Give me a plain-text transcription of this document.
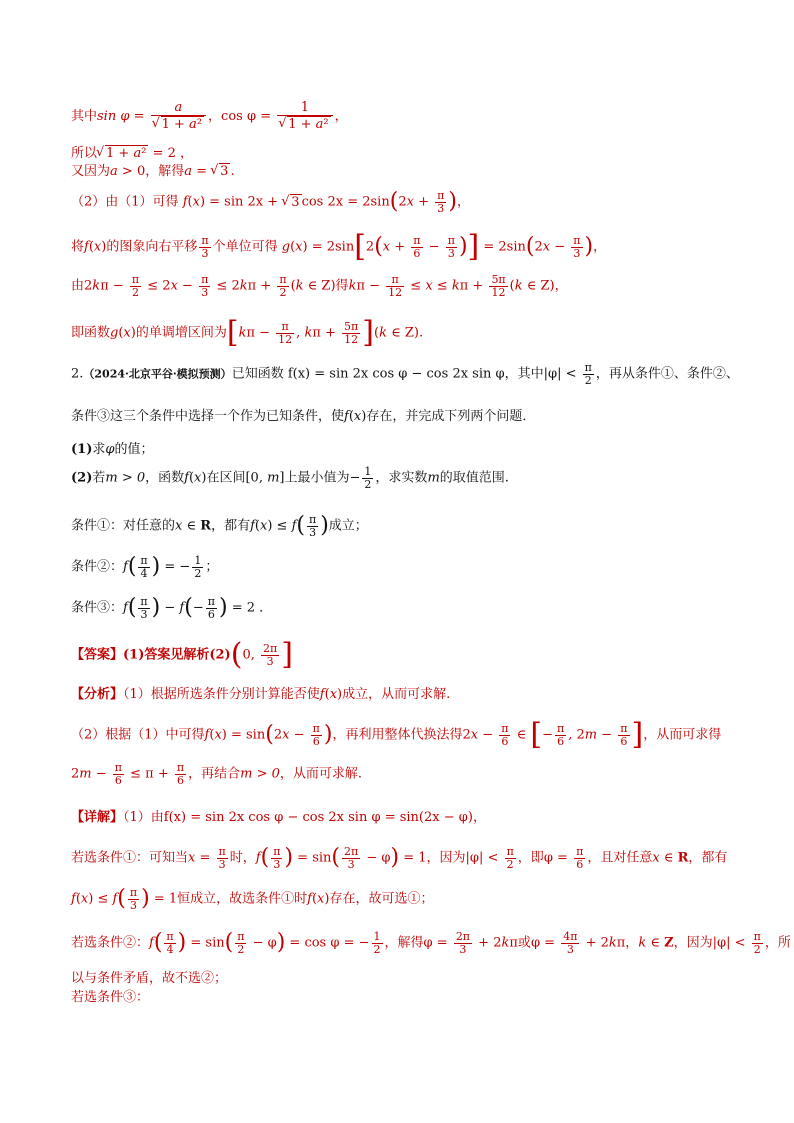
其中sin φ = a
√ 1 + a² ，cos φ = 1
√ 1 + a² ，
所以√ 1 + a² = 2 ，
又因为a > 0，解得a = √ 3 .
（2）由（1）可得 f(x) = sin 2x + √ 3 $\cos 2x = 2\sin(2x + \frac{\pi}{3}$ )，
将f(x)的图象向右平移 $\frac{\pi}{3}$ 个单位可得 $g(x) = 2\sin[2(x + \frac{\pi}{6} - \frac{\pi}{3}$ )] = $2\sin(2x - \frac{\pi}{3}$ )，
由$2k\pi - \frac{\pi}{2} \le 2x - \frac{\pi}{3} \le 2k\pi + \frac{\pi}{2} (k$ ∈ Z)得$k\pi - \frac{\pi}{12} \le x \le k\pi + \frac{5\pi}{12} (k$ ∈ Z)，
即函数g(x)的单调增区间为[$k\pi - \frac{\pi}{12}$ , $k\pi + \frac{5\pi}{12} ](k$ ∈ Z).
2.（2024·北京平谷·模拟预测）已知函数 f(x) = sin 2x cos φ − cos 2x sin φ，其中$|\varphi| < \frac{\pi}{2}$ ，再从条件①、条件②、
条件③这三个条件中选择一个作为已知条件，使f(x)存在，并完成下列两个问题．
(1)求φ的值；
(2)若m > 0，函数f(x)在区间[0, m]上最小值为− $\frac{1}{2}$ ，求实数m的取值范围.
条件①：对任意的x ∈ R，都有$f(x) \le f( \frac{\pi}{3}$ )成立；
条件②：$f( \frac{\pi}{4}$ ) = − $\frac{1}{2}$ ；
条件③：$f( \frac{\pi}{3}$ ) − $f(- \frac{\pi}{6}$ ) = 2 ．
【答案】(1)答案见解析(2)(0, $\frac{2\pi}{3}$ ]
【分析】（1）根据所选条件分别计算能否使f(x)成立，从而可求解.
（2）根据（1）中可得$f(x) = \sin(2x - \frac{\pi}{6}$ )，再利用整体代换法得$2x - \frac{\pi}{6}$ ∈ [− $\frac{\pi}{6}$ , $2m - \frac{\pi}{6}$ ]，从而可求得
$2m - \frac{\pi}{6} \le \pi + \frac{\pi}{6}$ ，再结合m > 0，从而可求解.
【详解】（1）由f(x) = sin 2x cos φ − cos 2x sin φ = sin(2x − φ)，
若选条件①：可知当$x = \frac{\pi}{3}$ 时，$f( \frac{\pi}{3}$ ) = $\sin( \frac{2\pi}{3} - \varphi) = 1$，因为$|\varphi| < \frac{\pi}{2}$ ，即$\varphi = \frac{\pi}{6}$ ，且对任意x ∈ R，都有
$f(x) \le f( \frac{\pi}{3}$ ) = 1恒成立，故选条件①时f(x)存在，故可选①；
若选条件②：$f( \frac{\pi}{4}$ ) = $\sin( \frac{\pi}{2} - \varphi) = \cos \varphi$ = − $\frac{1}{2}$ ，解得$\varphi = \frac{2\pi}{3} + 2k\pi$或$\varphi = \frac{4\pi}{3} + 2k\pi$，k ∈ Z，因为$|\varphi| < \frac{\pi}{2}$ ，所
以与条件矛盾，故不选②；
若选条件③：
